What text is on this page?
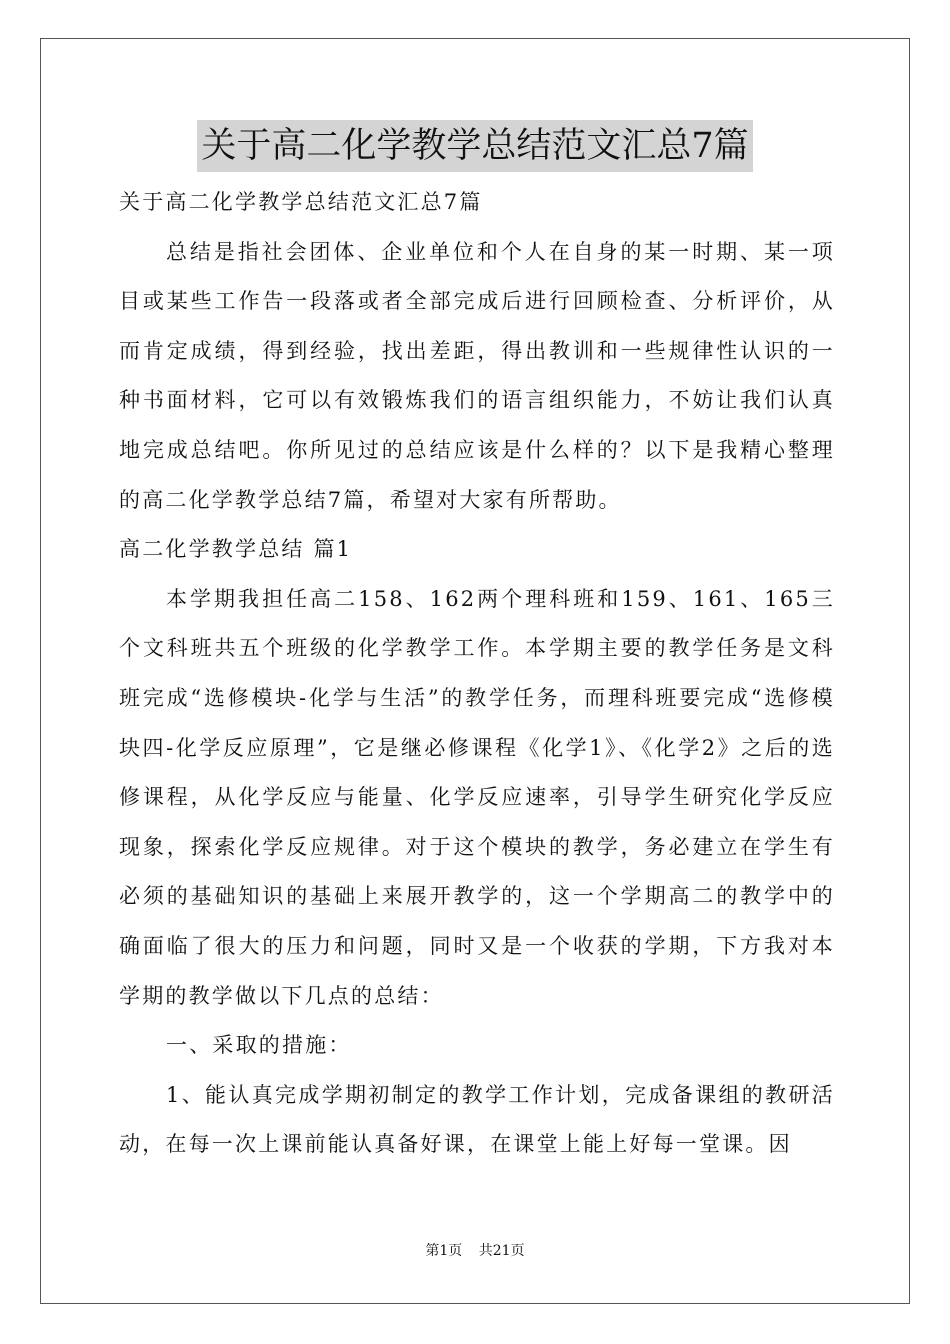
关于高二化学教学总结范文汇总7篇

关于高二化学教学总结范文汇总7篇

总结是指社会团体、企业单位和个人在自身的某一时期、某一项目或某些工作告一段落或者全部完成后进行回顾检查、分析评价，从而肯定成绩，得到经验，找出差距，得出教训和一些规律性认识的一种书面材料，它可以有效锻炼我们的语言组织能力，不妨让我们认真地完成总结吧。你所见过的总结应该是什么样的？以下是我精心整理的高二化学教学总结7篇，希望对大家有所帮助。

高二化学教学总结 篇1

本学期我担任高二158、162两个理科班和159、161、165三个文科班共五个班级的化学教学工作。本学期主要的教学任务是文科班完成“选修模块-化学与生活”的教学任务，而理科班要完成“选修模块四-化学反应原理”，它是继必修课程《化学1》、《化学2》之后的选修课程，从化学反应与能量、化学反应速率，引导学生研究化学反应现象，探索化学反应规律。对于这个模块的教学，务必建立在学生有必须的基础知识的基础上来展开教学的，这一个学期高二的教学中的确面临了很大的压力和问题，同时又是一个收获的学期，下方我对本学期的教学做以下几点的总结：

一、采取的措施：

1、能认真完成学期初制定的教学工作计划，完成备课组的教研活动，在每一次上课前能认真备好课，在课堂上能上好每一堂课。因

第1页 共21页
